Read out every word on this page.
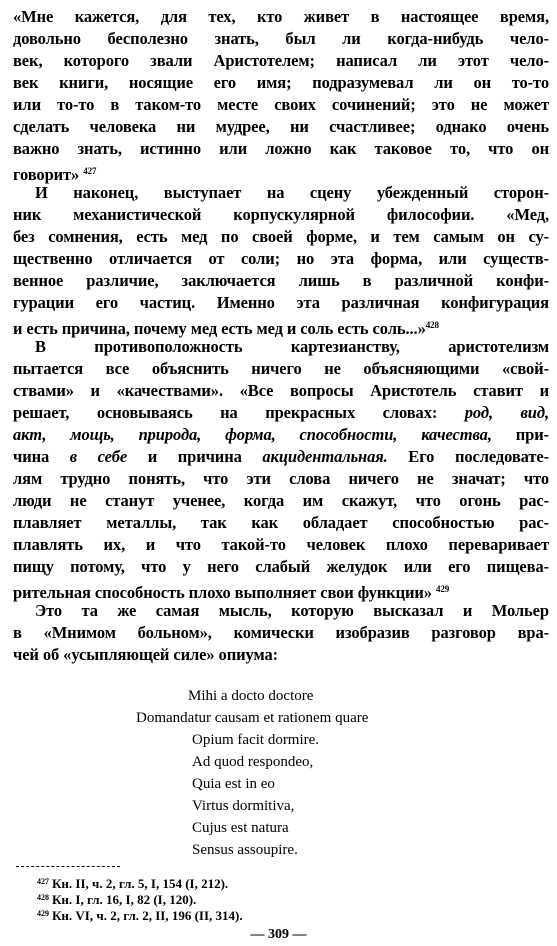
«Мне кажется, для тех, кто живет в настоящее время,
довольно бесполезно знать, был ли когда-нибудь чело-
век, которого звали Аристотелем; написал ли этот чело-
век книги, носящие его имя; подразумевал ли он то-то
или то-то в таком-то месте своих сочинений; это не может
сделать человека ни мудрее, ни счастливее; однако очень
важно знать, истинно или ложно как таковое то, что он
говорит» $^{427}$
И наконец, выступает на сцену убежденный сторон-
ник механистической корпускулярной философии. «Мед,
без сомнения, есть мед по своей форме, и тем самым он су-
щественно отличается от соли; но эта форма, или существ-
венное различие, заключается лишь в различной конфи-
гурации его частиц. Именно эта различная конфигурация
и есть причина, почему мед есть мед и соль есть соль...»$^{428}$
В противоположность картезианству, аристотелизм
пытается все объяснить ничего не объясняющими «свой-
ствами» и «качествами». «Все вопросы Аристотель ставит и
решает, основываясь на прекрасных словах: род, вид,
акт, мощь, природа, форма, способности, качества, при-
чина в себе и причина акцидентальная. Его последовате-
лям трудно понять, что эти слова ничего не значат; что
люди не станут ученее, когда им скажут, что огонь рас-
плавляет металлы, так как обладает способностью рас-
плавлять их, и что такой-то человек плохо переваривает
пищу потому, что у него слабый желудок или его пищева-
рительная способность плохо выполняет свои функции» $^{429}$
Это та же самая мысль, которую высказал и Мольер
в «Мнимом больном», комически изобразив разговор вра-
чей об «усыпляющей силе» опиума:
Mihi a docto doctore
Domandatur causam et rationem quare
Opium facit dormire.
Ad quod respondeo,
Quia est in eo
Virtus dormitiva,
Cujus est natura
Sensus assoupire.
$^{427}$ Кн. II, ч. 2, гл. 5, I, 154 (I, 212).
$^{428}$ Кн. I, гл. 16, I, 82 (I, 120).
$^{429}$ Кн. VI, ч. 2, гл. 2, II, 196 (II, 314).
— 309 —
